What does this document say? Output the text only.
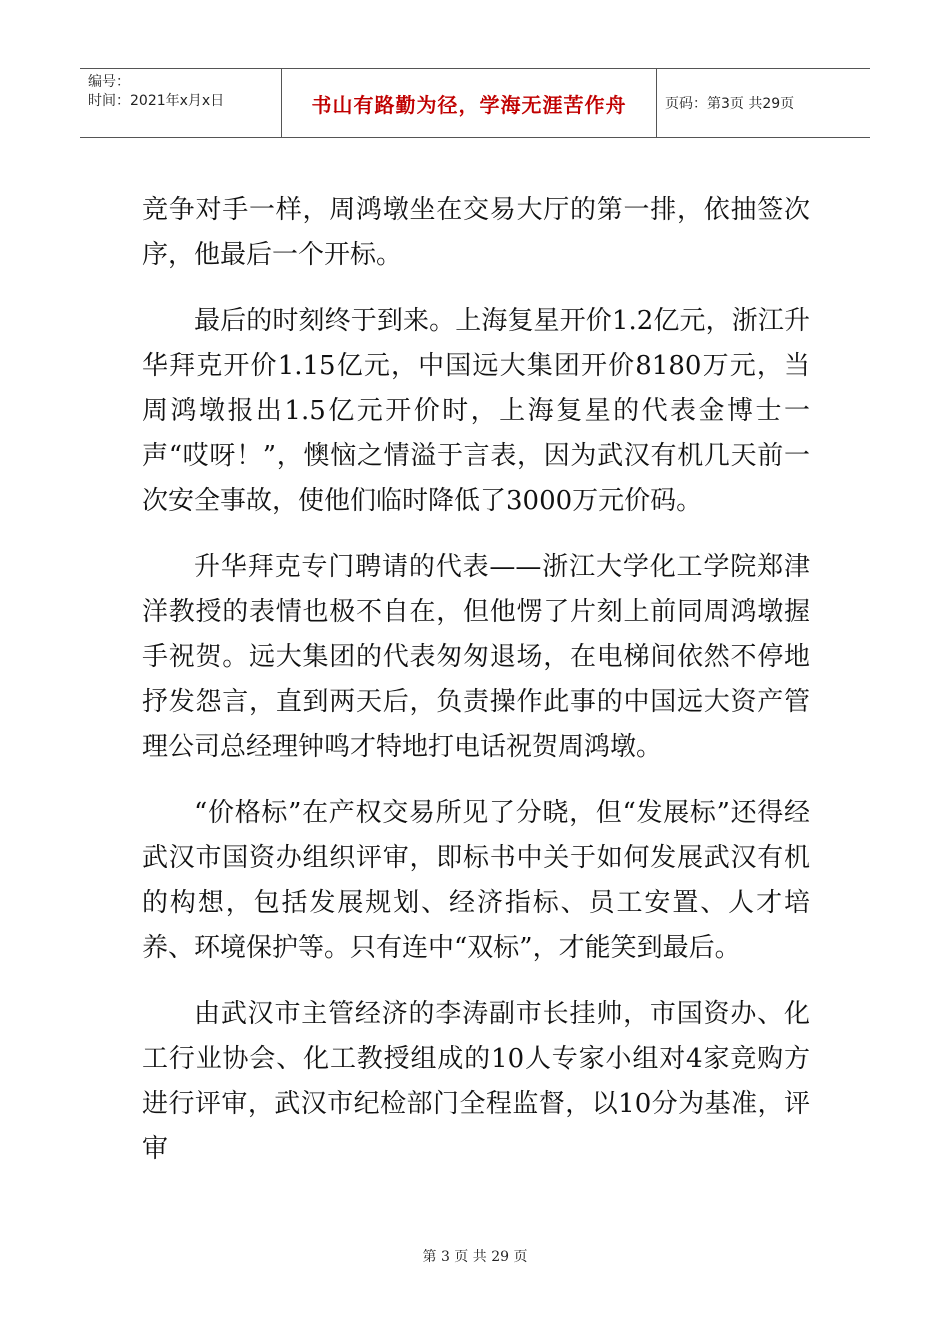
编号：
时间：2021年x月x日	书山有路勤为径，学海无涯苦作舟	页码：第3页 共29页

竞争对手一样，周鸿墩坐在交易大厅的第一排，依抽签次序，他最后一个开标。

最后的时刻终于到来。上海复星开价1.2亿元，浙江升华拜克开价1.15亿元，中国远大集团开价8180万元，当周鸿墩报出1.5亿元开价时，上海复星的代表金博士一声“哎呀！”，懊恼之情溢于言表，因为武汉有机几天前一次安全事故，使他们临时降低了3000万元价码。

升华拜克专门聘请的代表——浙江大学化工学院郑津洋教授的表情也极不自在，但他愣了片刻上前同周鸿墩握手祝贺。远大集团的代表匆匆退场，在电梯间依然不停地抒发怨言，直到两天后，负责操作此事的中国远大资产管理公司总经理钟鸣才特地打电话祝贺周鸿墩。

“价格标”在产权交易所见了分晓，但“发展标”还得经武汉市国资办组织评审，即标书中关于如何发展武汉有机的构想，包括发展规划、经济指标、员工安置、人才培养、环境保护等。只有连中“双标”，才能笑到最后。

由武汉市主管经济的李涛副市长挂帅，市国资办、化工行业协会、化工教授组成的10人专家小组对4家竞购方进行评审，武汉市纪检部门全程监督，以10分为基准，评审

第 3 页 共 29 页
